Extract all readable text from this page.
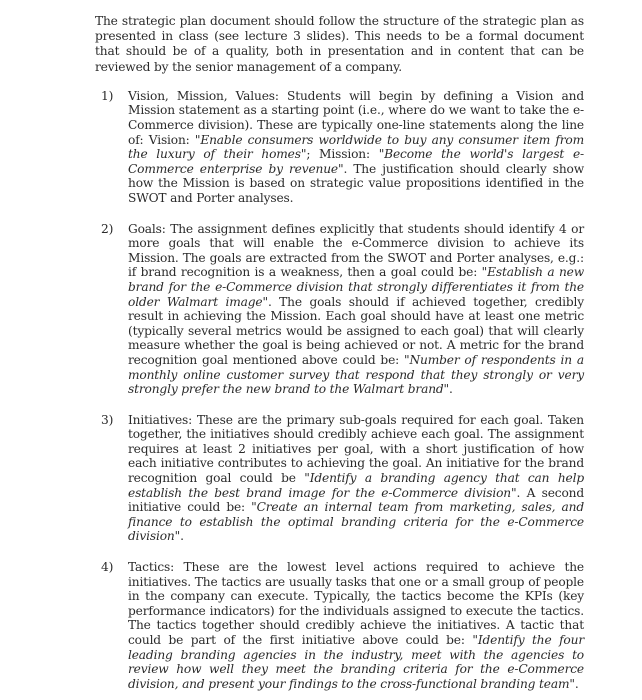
The strategic plan document should follow the structure of the strategic plan as presented in class (see lecture 3 slides). This needs to be a formal document that should be of a quality, both in presentation and in content that can be reviewed by the senior management of a company.

1) Vision, Mission, Values: Students will begin by defining a Vision and Mission statement as a starting point (i.e., where do we want to take the e-Commerce division). These are typically one-line statements along the line of: Vision: "Enable consumers worldwide to buy any consumer item from the luxury of their homes"; Mission: "Become the world's largest e-Commerce enterprise by revenue". The justification should clearly show how the Mission is based on strategic value propositions identified in the SWOT and Porter analyses.
2) Goals: The assignment defines explicitly that students should identify 4 or more goals that will enable the e-Commerce division to achieve its Mission. The goals are extracted from the SWOT and Porter analyses, e.g.: if brand recognition is a weakness, then a goal could be: "Establish a new brand for the e-Commerce division that strongly differentiates it from the older Walmart image". The goals should if achieved together, credibly result in achieving the Mission. Each goal should have at least one metric (typically several metrics would be assigned to each goal) that will clearly measure whether the goal is being achieved or not. A metric for the brand recognition goal mentioned above could be: "Number of respondents in a monthly online customer survey that respond that they strongly or very strongly prefer the new brand to the Walmart brand".
3) Initiatives: These are the primary sub-goals required for each goal. Taken together, the initiatives should credibly achieve each goal. The assignment requires at least 2 initiatives per goal, with a short justification of how each initiative contributes to achieving the goal. An initiative for the brand recognition goal could be "Identify a branding agency that can help establish the best brand image for the e-Commerce division". A second initiative could be: "Create an internal team from marketing, sales, and finance to establish the optimal branding criteria for the e-Commerce division".
4) Tactics: These are the lowest level actions required to achieve the initiatives. The tactics are usually tasks that one or a small group of people in the company can execute. Typically, the tactics become the KPIs (key performance indicators) for the individuals assigned to execute the tactics. The tactics together should credibly achieve the initiatives. A tactic that could be part of the first initiative above could be: "Identify the four leading branding agencies in the industry, meet with the agencies to review how well they meet the branding criteria for the e-Commerce division, and present your findings to the cross-functional branding team".
